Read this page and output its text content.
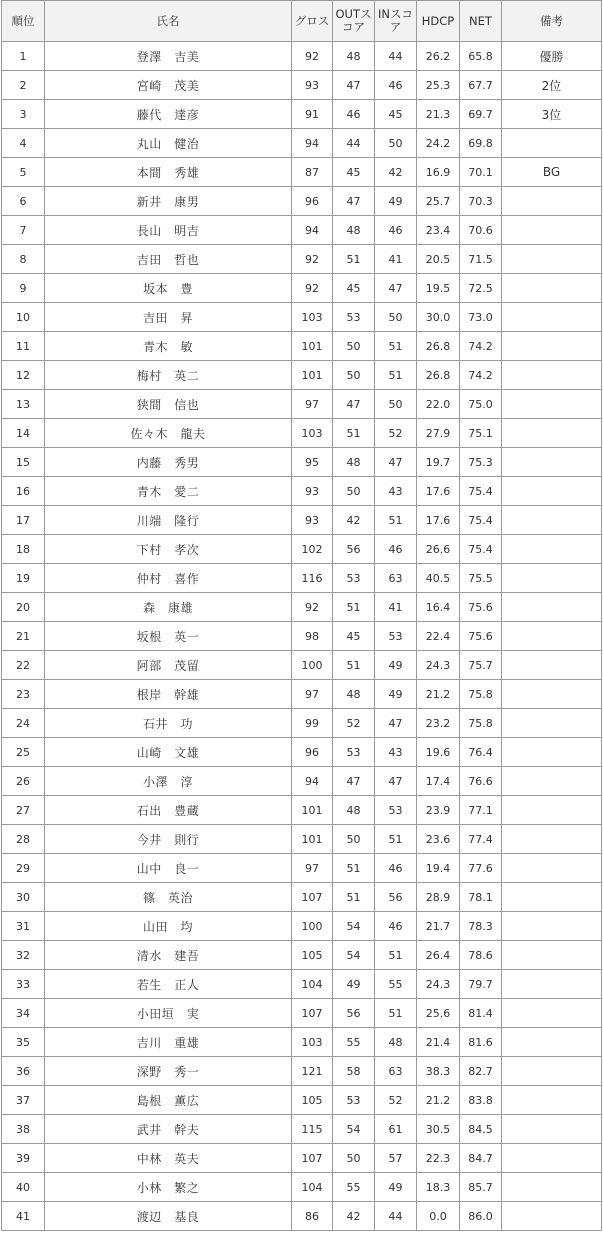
順位	氏名	グロス	OUTスコア	INスコア	HDCP	NET	備考
1	登澤　吉美	92	48	44	26.2	65.8	優勝
2	宮崎　茂美	93	47	46	25.3	67.7	2位
3	藤代　達彦	91	46	45	21.3	69.7	3位
4	丸山　健治	94	44	50	24.2	69.8	
5	本間　秀雄	87	45	42	16.9	70.1	BG
6	新井　康男	96	47	49	25.7	70.3	
7	長山　明吉	94	48	46	23.4	70.6	
8	吉田　哲也	92	51	41	20.5	71.5	
9	坂本　豊	92	45	47	19.5	72.5	
10	吉田　昇	103	53	50	30.0	73.0	
11	青木　敏	101	50	51	26.8	74.2	
12	梅村　英二	101	50	51	26.8	74.2	
13	狭間　信也	97	47	50	22.0	75.0	
14	佐々木　龍夫	103	51	52	27.9	75.1	
15	内藤　秀男	95	48	47	19.7	75.3	
16	青木　愛二	93	50	43	17.6	75.4	
17	川端　隆行	93	42	51	17.6	75.4	
18	下村　孝次	102	56	46	26.6	75.4	
19	仲村　喜作	116	53	63	40.5	75.5	
20	森　康雄	92	51	41	16.4	75.6	
21	坂根　英一	98	45	53	22.4	75.6	
22	阿部　茂留	100	51	49	24.3	75.7	
23	根岸　幹雄	97	48	49	21.2	75.8	
24	石井　功	99	52	47	23.2	75.8	
25	山崎　文雄	96	53	43	19.6	76.4	
26	小澤　淳	94	47	47	17.4	76.6	
27	石出　豊蔵	101	48	53	23.9	77.1	
28	今井　則行	101	50	51	23.6	77.4	
29	山中　良一	97	51	46	19.4	77.6	
30	篠　英治	107	51	56	28.9	78.1	
31	山田　均	100	54	46	21.7	78.3	
32	清水　建吾	105	54	51	26.4	78.6	
33	若生　正人	104	49	55	24.3	79.7	
34	小田垣　実	107	56	51	25.6	81.4	
35	吉川　重雄	103	55	48	21.4	81.6	
36	深野　秀一	121	58	63	38.3	82.7	
37	島根　薫広	105	53	52	21.2	83.8	
38	武井　幹夫	115	54	61	30.5	84.5	
39	中林　英夫	107	50	57	22.3	84.7	
40	小林　繁之	104	55	49	18.3	85.7	
41	渡辺　基良	86	42	44	0.0	86.0	
